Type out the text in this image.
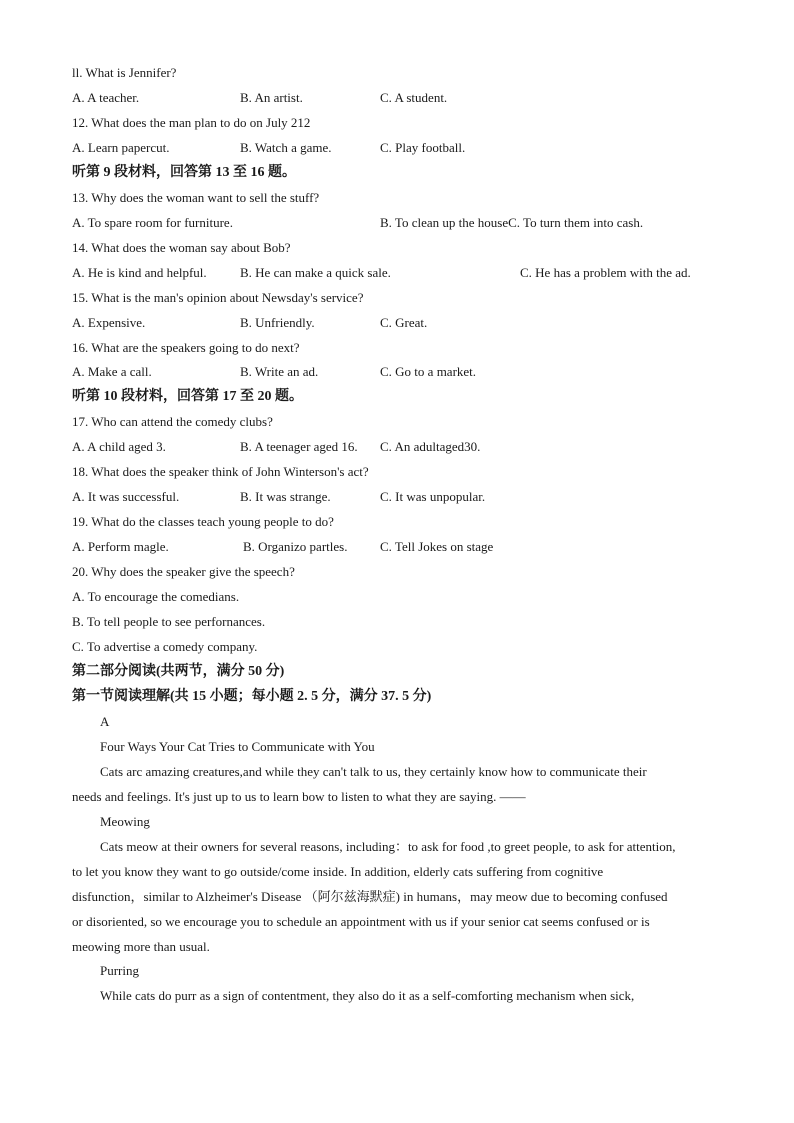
ll. What is Jennifer?
A. A teacher.	B. An artist.	C. A student.
12. What does the man plan to do on July 212
A. Learn papercut.	B. Watch a game.	C. Play football.
听第 9 段材料，回答第 13 至 16 题。
13. Why does the woman want to sell the stuff?
A. To spare room for furniture.	B. To clean up the houseC. To turn them into cash.
14. What does the woman say about Bob?
A. He is kind and helpful.	B. He can make a quick sale.	C. He has a problem with the ad.
15. What is the man's opinion about Newsday's service?
A. Expensive.	B. Unfriendly.	C. Great.
16. What are the speakers going to do next?
A. Make a call.	B. Write an ad.	C. Go to a market.
听第 10 段材料，回答第 17 至 20 题。
17. Who can attend the comedy clubs?
A. A child aged 3.	B. A teenager aged 16. C. An adultaged30.
18. What does the speaker think of John Winterson's act?
A. It was successful.	B. It was strange.	C. It was unpopular.
19. What do the classes teach young people to do?
A. Perform magle.	B. Organizo partles.	C. Tell Jokes on stage
20. Why does the speaker give the speech?
A. To encourage the comedians.
B. To tell people to see perfornances.
C. To advertise a comedy company.
第二部分阅读(共两节，满分 50 分)
第一节阅读理解(共 15 小题；每小题 2. 5 分，满分 37. 5 分)
A
Four Ways Your Cat Tries to Communicate with You
Cats arc amazing creatures,and while they can't talk to us, they certainly know how to communicate their
needs and feelings. It's just up to us to learn bow to listen to what they are saying. ——
Meowing
Cats meow at their owners for several reasons, including：to ask for food ,to greet people, to ask for attention,
to let you know they want to go outside/come inside. In addition, elderly cats suffering from cognitive
disfunction，similar to Alzheimer's Disease （阿尔兹海默症) in humans，may meow due to becoming confused
or disoriented, so we encourage you to schedule an appointment with us if your senior cat seems confused or is
meowing more than usual.
Purring
While cats do purr as a sign of contentment, they also do it as a self-comforting mechanism when sick,
